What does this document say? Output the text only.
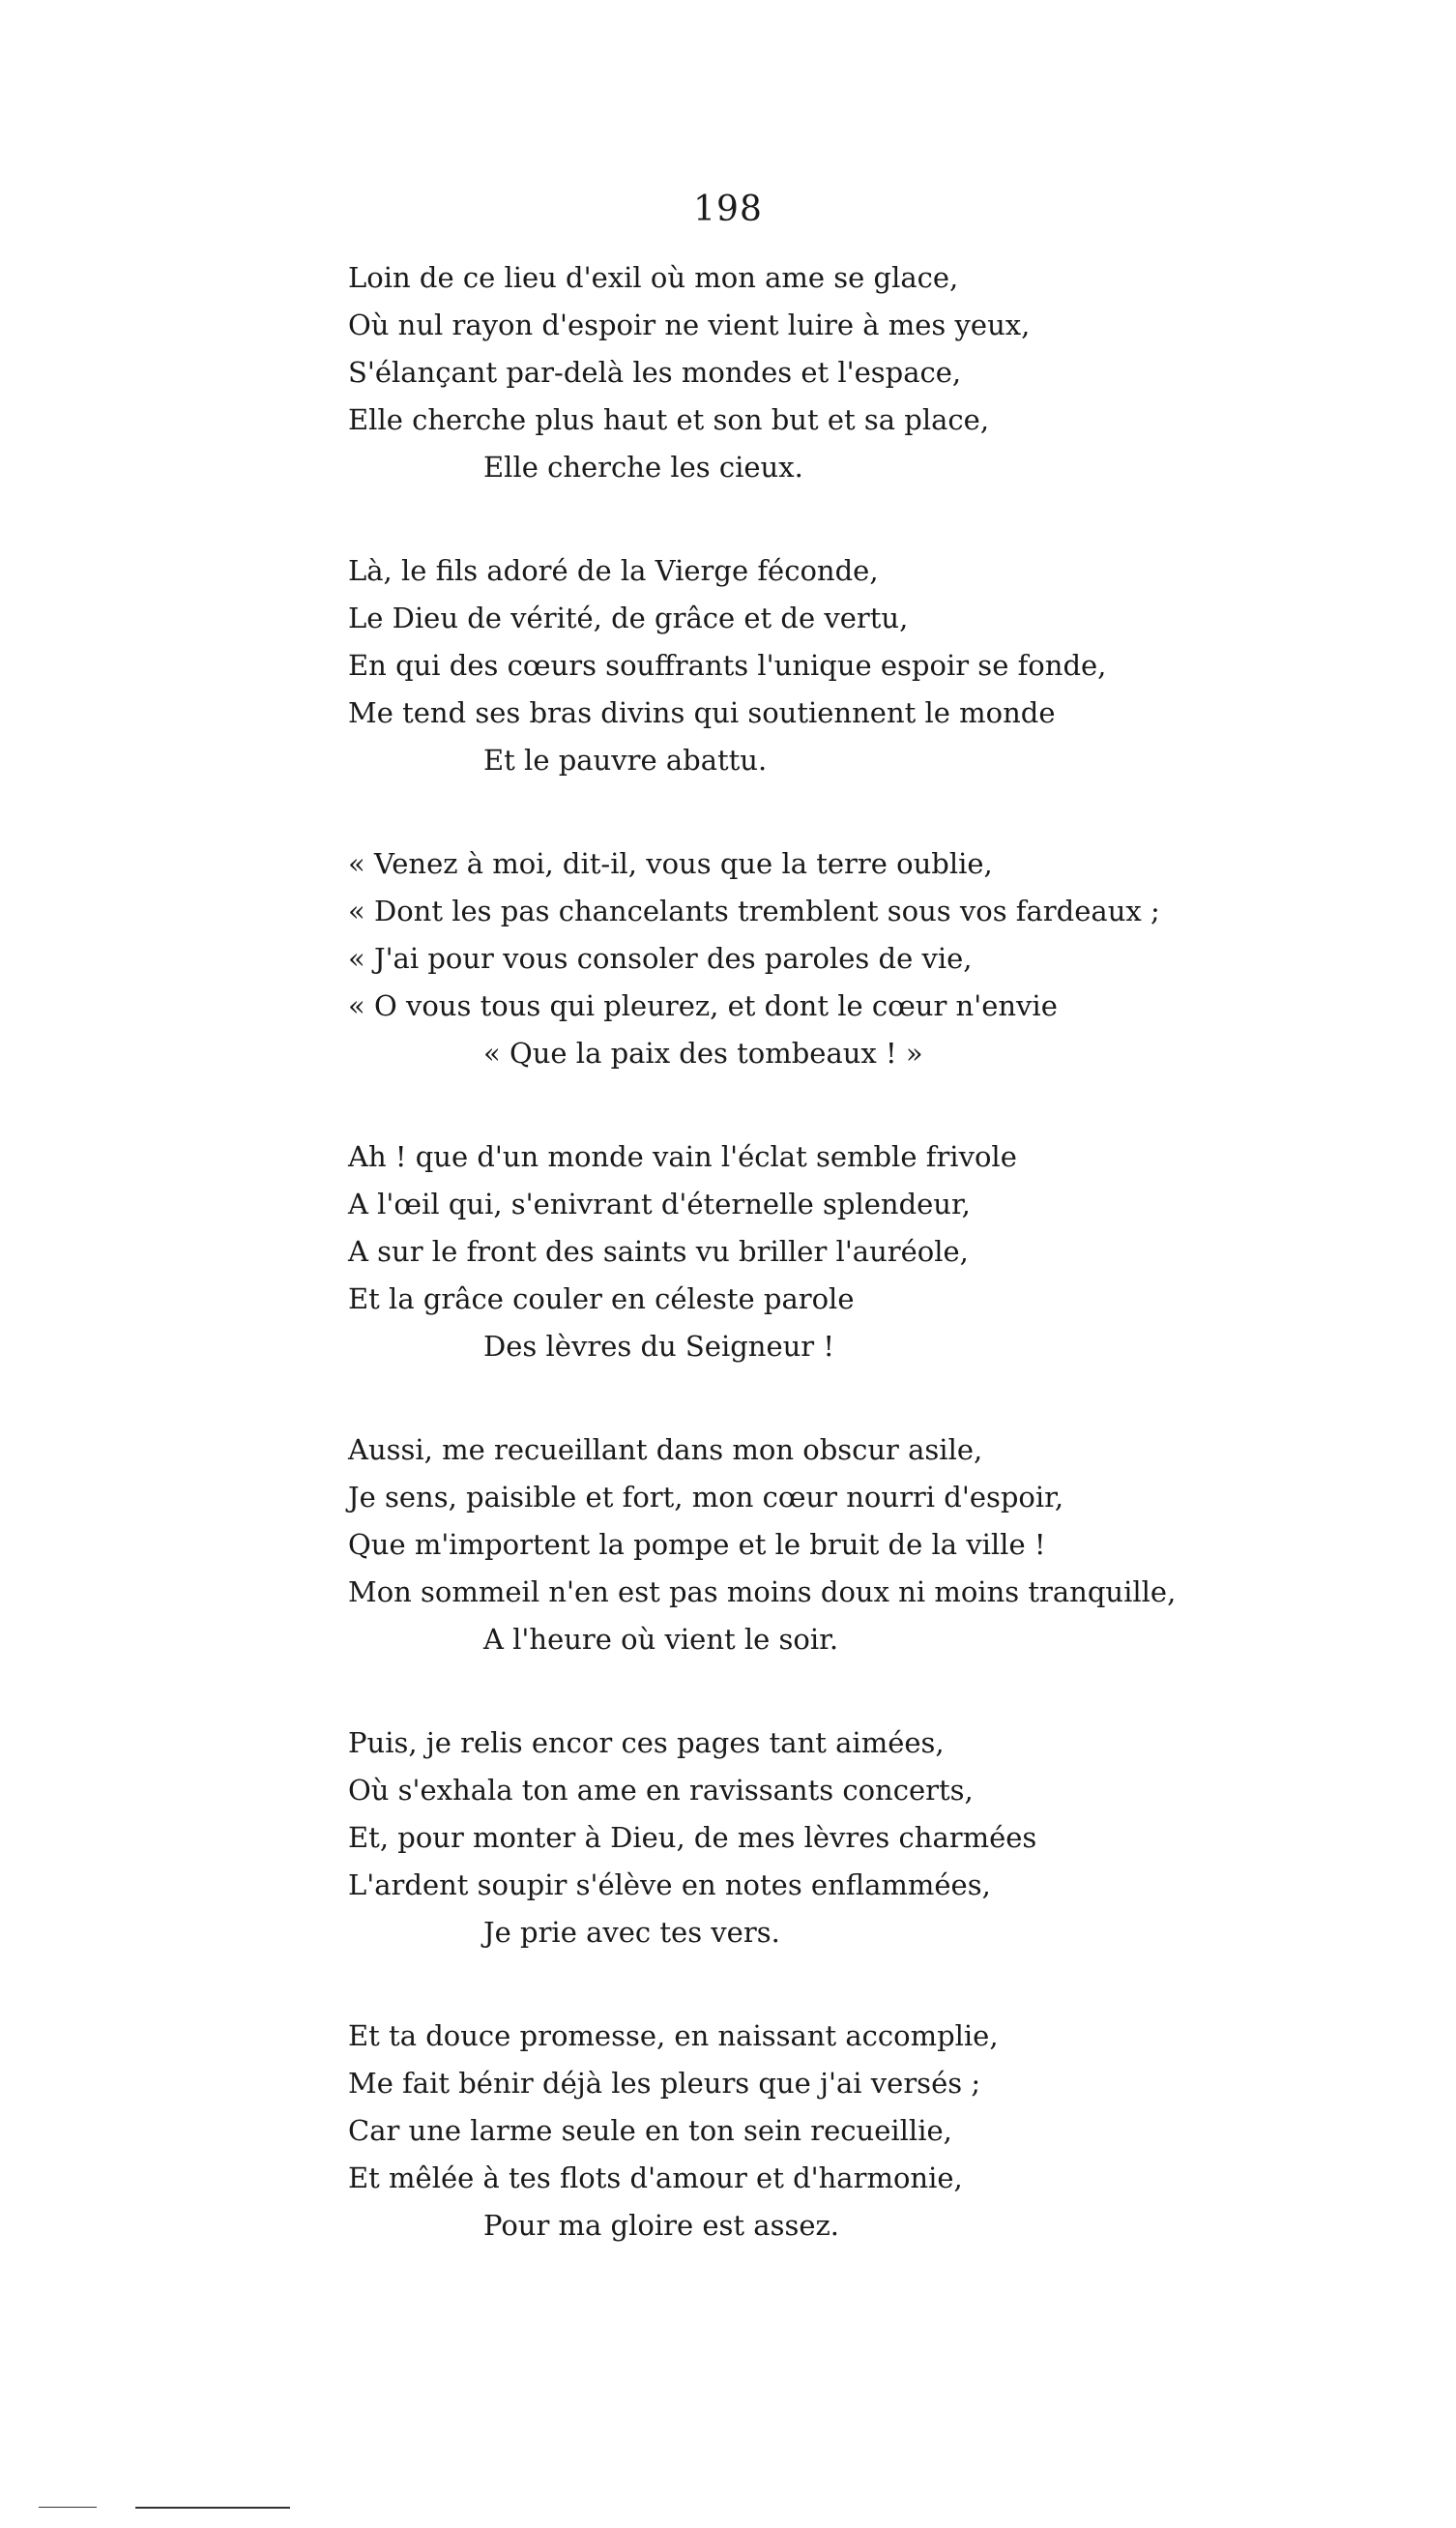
198
Loin de ce lieu d'exil où mon ame se glace,
Où nul rayon d'espoir ne vient luire à mes yeux,
S'élançant par-delà les mondes et l'espace,
Elle cherche plus haut et son but et sa place,
Elle cherche les cieux.
Là, le fils adoré de la Vierge féconde,
Le Dieu de vérité, de grâce et de vertu,
En qui des cœurs souffrants l'unique espoir se fonde,
Me tend ses bras divins qui soutiennent le monde
Et le pauvre abattu.
« Venez à moi, dit-il, vous que la terre oublie,
« Dont les pas chancelants tremblent sous vos fardeaux ;
« J'ai pour vous consoler des paroles de vie,
« O vous tous qui pleurez, et dont le cœur n'envie
« Que la paix des tombeaux ! »
Ah ! que d'un monde vain l'éclat semble frivole
A l'œil qui, s'enivrant d'éternelle splendeur,
A sur le front des saints vu briller l'auréole,
Et la grâce couler en céleste parole
Des lèvres du Seigneur !
Aussi, me recueillant dans mon obscur asile,
Je sens, paisible et fort, mon cœur nourri d'espoir,
Que m'importent la pompe et le bruit de la ville !
Mon sommeil n'en est pas moins doux ni moins tranquille,
A l'heure où vient le soir.
Puis, je relis encor ces pages tant aimées,
Où s'exhala ton ame en ravissants concerts,
Et, pour monter à Dieu, de mes lèvres charmées
L'ardent soupir s'élève en notes enflammées,
Je prie avec tes vers.
Et ta douce promesse, en naissant accomplie,
Me fait bénir déjà les pleurs que j'ai versés ;
Car une larme seule en ton sein recueillie,
Et mêlée à tes flots d'amour et d'harmonie,
Pour ma gloire est assez.
